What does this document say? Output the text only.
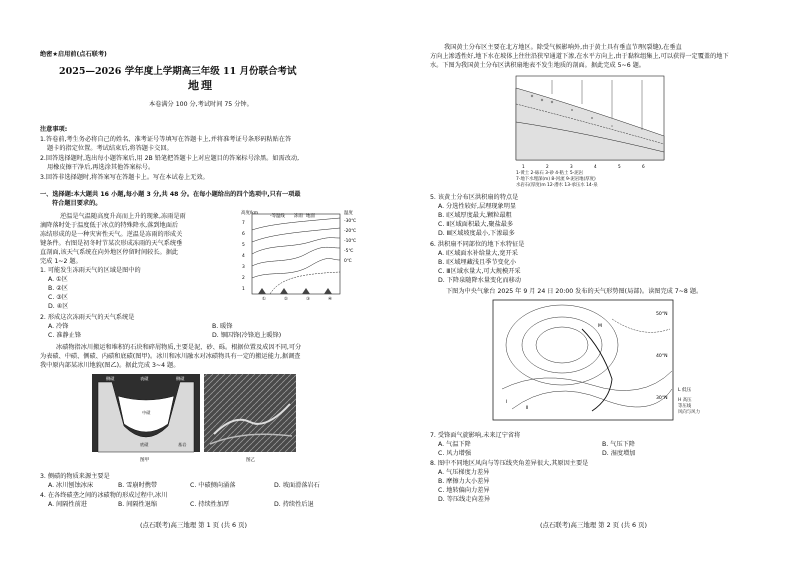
绝密★启用前(点石联考)
2025—2026 学年度上学期高三年级 11 月份联合考试
地理
本卷满分 100 分,考试时间 75 分钟。
注意事项:
1.答卷前,考生务必将自己的姓名、准考证号等填写在答题卡上,并将准考证号条形码粘贴在答
题卡的指定位置。考试结束后,将答题卡交回。
2.回答选择题时,选出每小题答案后,用 2B 铅笔把答题卡上对应题目的答案标号涂黑。如需改动,
用橡皮擦干净后,再选涂其他答案标号。
3.回答非选择题时,将答案写在答题卡上。写在本试卷上无效。
一、选择题:本大题共 16 小题,每小题 3 分,共 48 分。在每小题给出的四个选项中,只有一项最
符合题目要求的。
逆温是气温随高度升高而上升的现象,冻雨是雨
滴降落时处于温度低于冰点的特殊降水,落到地面后
冻结形成的是一种灾害性天气。逆温是冻雨的形成关
键条件。右图是初冬时节某次形成冻雨的天气系统垂
直剖面,该天气系统在向外地区停留时间较长。据此
完成 1~2 题。
高度/km
7
6
5
4
3
2
1
-30℃
-20℃
-10℃
-5℃
0℃
-等温线 冻雨 地面
温度
①	②	③	④
1. 可能发生冻雨天气的区域是图中的
A. ①区
B. ②区
C. ③区
D. ④区
2. 形成这次冻雨天气的天气系统是
A. 冷锋	B. 暖锋
C. 准静止锋	D. 锢囚锋(冷锋追上暖锋)
冰碛物指冰川搬运和堆积的石块和碎屑物质,主要是泥、砂、砾。根据位置及成因不同,可分
为表碛、中碛、侧碛、内碛和底碛(图甲)。冰川和冰川融水对冰碛物具有一定的搬运能力,据调查
我中原内部某冰川地貌(图乙)。据此完成 3~4 题。
侧碛	表碛	侧碛
中碛
底碛	基岩
图甲	图乙
3. 侧碛的物质来源主要是
A. 冰川刨蚀冰床	B. 雪崩时携带	C. 中碛侧向涌落	D. 坡面滑落岩石
4. 在各终碛垄之间的冰碛物的形成过程中,冰川
A. 间隔性前进	B. 间隔性退缩	C. 持续性加厚	D. 持续性后退
(点石联考)高三地理 第 1 页 (共 6 页)
我国黄土分布区主要在北方地区。除受气候影响外,由于黄土具有垂直节理(裂缝),在垂直
方向上渗透性好,地下水在坡体上往往沿狭窄通道下渗,在水平方向上,由于黏粒组集上,可以获得一定覆盖的地下
水。下图为我国黄土分布区洪积扇地表不发生地质的剖面。据此完成 5~6 题。
1	2	3	4	5	6
1-黄土 2-砾石 3-砂 4-粘土 5-泥岩
7-地下水埋深(m) 8-河流 9-泥岩地(厚度)
水岩石(厚度)m 12-潜水 13-承压水 14-泉
5. 该黄土分布区洪积扇的特点是
A. 分选性较好,层理现象明显
B. Ⅰ区域厚度最大,颗粒最粗
C. Ⅱ区域面积最大,聚盐最多
D. Ⅲ区域坡度最小,下渗最多
6. 洪积扇不同部位的地下水特征是
A. Ⅰ区域面水补给量大,宽开采
B. Ⅰ区域埋藏浅且季节变化小
C. Ⅲ区域水量大,可大规模开采
D. 下降泉随降水量变化而移动
下图为中央气象台 2025 年 9 月 24 日 20:00 发布的天气形势图(局部)。读图完成 7~8 题。
Ⅰ
Ⅱ
M
50°N
40°N
30°N
L 低压
H 高压
等压线
风向与风力
7. 受锋面气旋影响,未来辽宁省将
A. 气温下降	B. 气压下降
C. 风力增强	D. 湿度增加
8. 图中不同地区风向与等压线夹角差异很大,其原因主要是
A. 气压梯度力差异
B. 摩擦力大小差异
C. 地转偏向力差异
D. 等压线走向差异
(点石联考)高三地理 第 2 页 (共 6 页)
